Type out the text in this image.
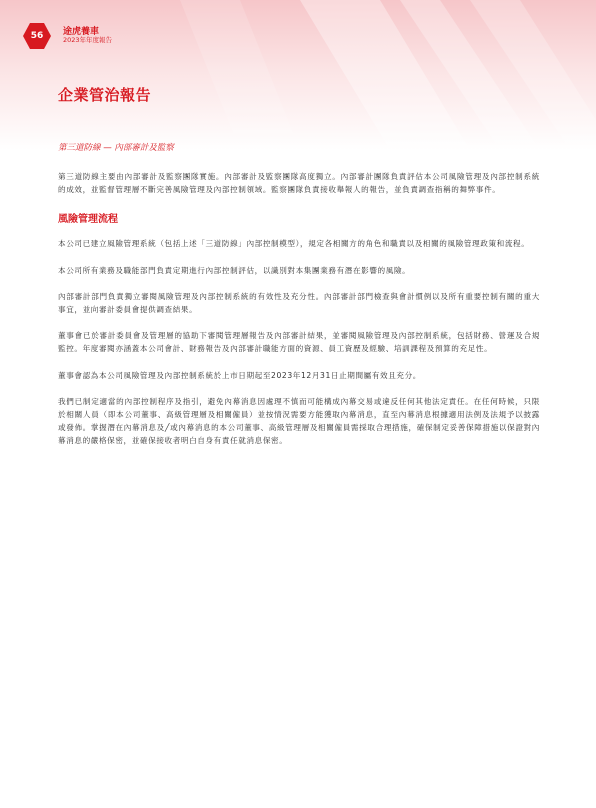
56	途虎養車
2023年年度報告
企業管治報告
第三道防線 — 內部審計及監察

第三道防線主要由內部審計及監察團隊實施。內部審計及監察團隊高度獨立。內部審計團隊負責評估本公司風險管理及內部控制系統的成效，並監督管理層不斷完善風險管理及內部控制領域。監察團隊負責接收舉報人的報告，並負責調查指稱的舞弊事件。

風險管理流程

本公司已建立風險管理系統（包括上述「三道防線」內部控制模型），規定各相關方的角色和職責以及相關的風險管理政策和流程。

本公司所有業務及職能部門負責定期進行內部控制評估，以識別對本集團業務有潛在影響的風險。

內部審計部門負責獨立審閱風險管理及內部控制系統的有效性及充分性。內部審計部門檢查與會計慣例以及所有重要控制有關的重大事宜，並向審計委員會提供調查結果。

董事會已於審計委員會及管理層的協助下審閱管理層報告及內部審計結果，並審閱風險管理及內部控制系統，包括財務、營運及合規監控。年度審閱亦涵蓋本公司會計、財務報告及內部審計職能方面的資源、員工資歷及經驗、培訓課程及預算的充足性。

董事會認為本公司風險管理及內部控制系統於上市日期起至2023年12月31日止期間屬有效且充分。

我們已制定適當的內部控制程序及指引，避免內幕消息因處理不慎而可能構成內幕交易或違反任何其他法定責任。在任何時候，只限於相關人員（即本公司董事、高級管理層及相關僱員）並按情況需要方能獲取內幕消息，直至內幕消息根據適用法例及法規予以披露或發佈。掌握潛在內幕消息及╱或內幕消息的本公司董事、高級管理層及相關僱員需採取合理措施，確保制定妥善保障措施以保證對內幕消息的嚴格保密，並確保接收者明白自身有責任就消息保密。
